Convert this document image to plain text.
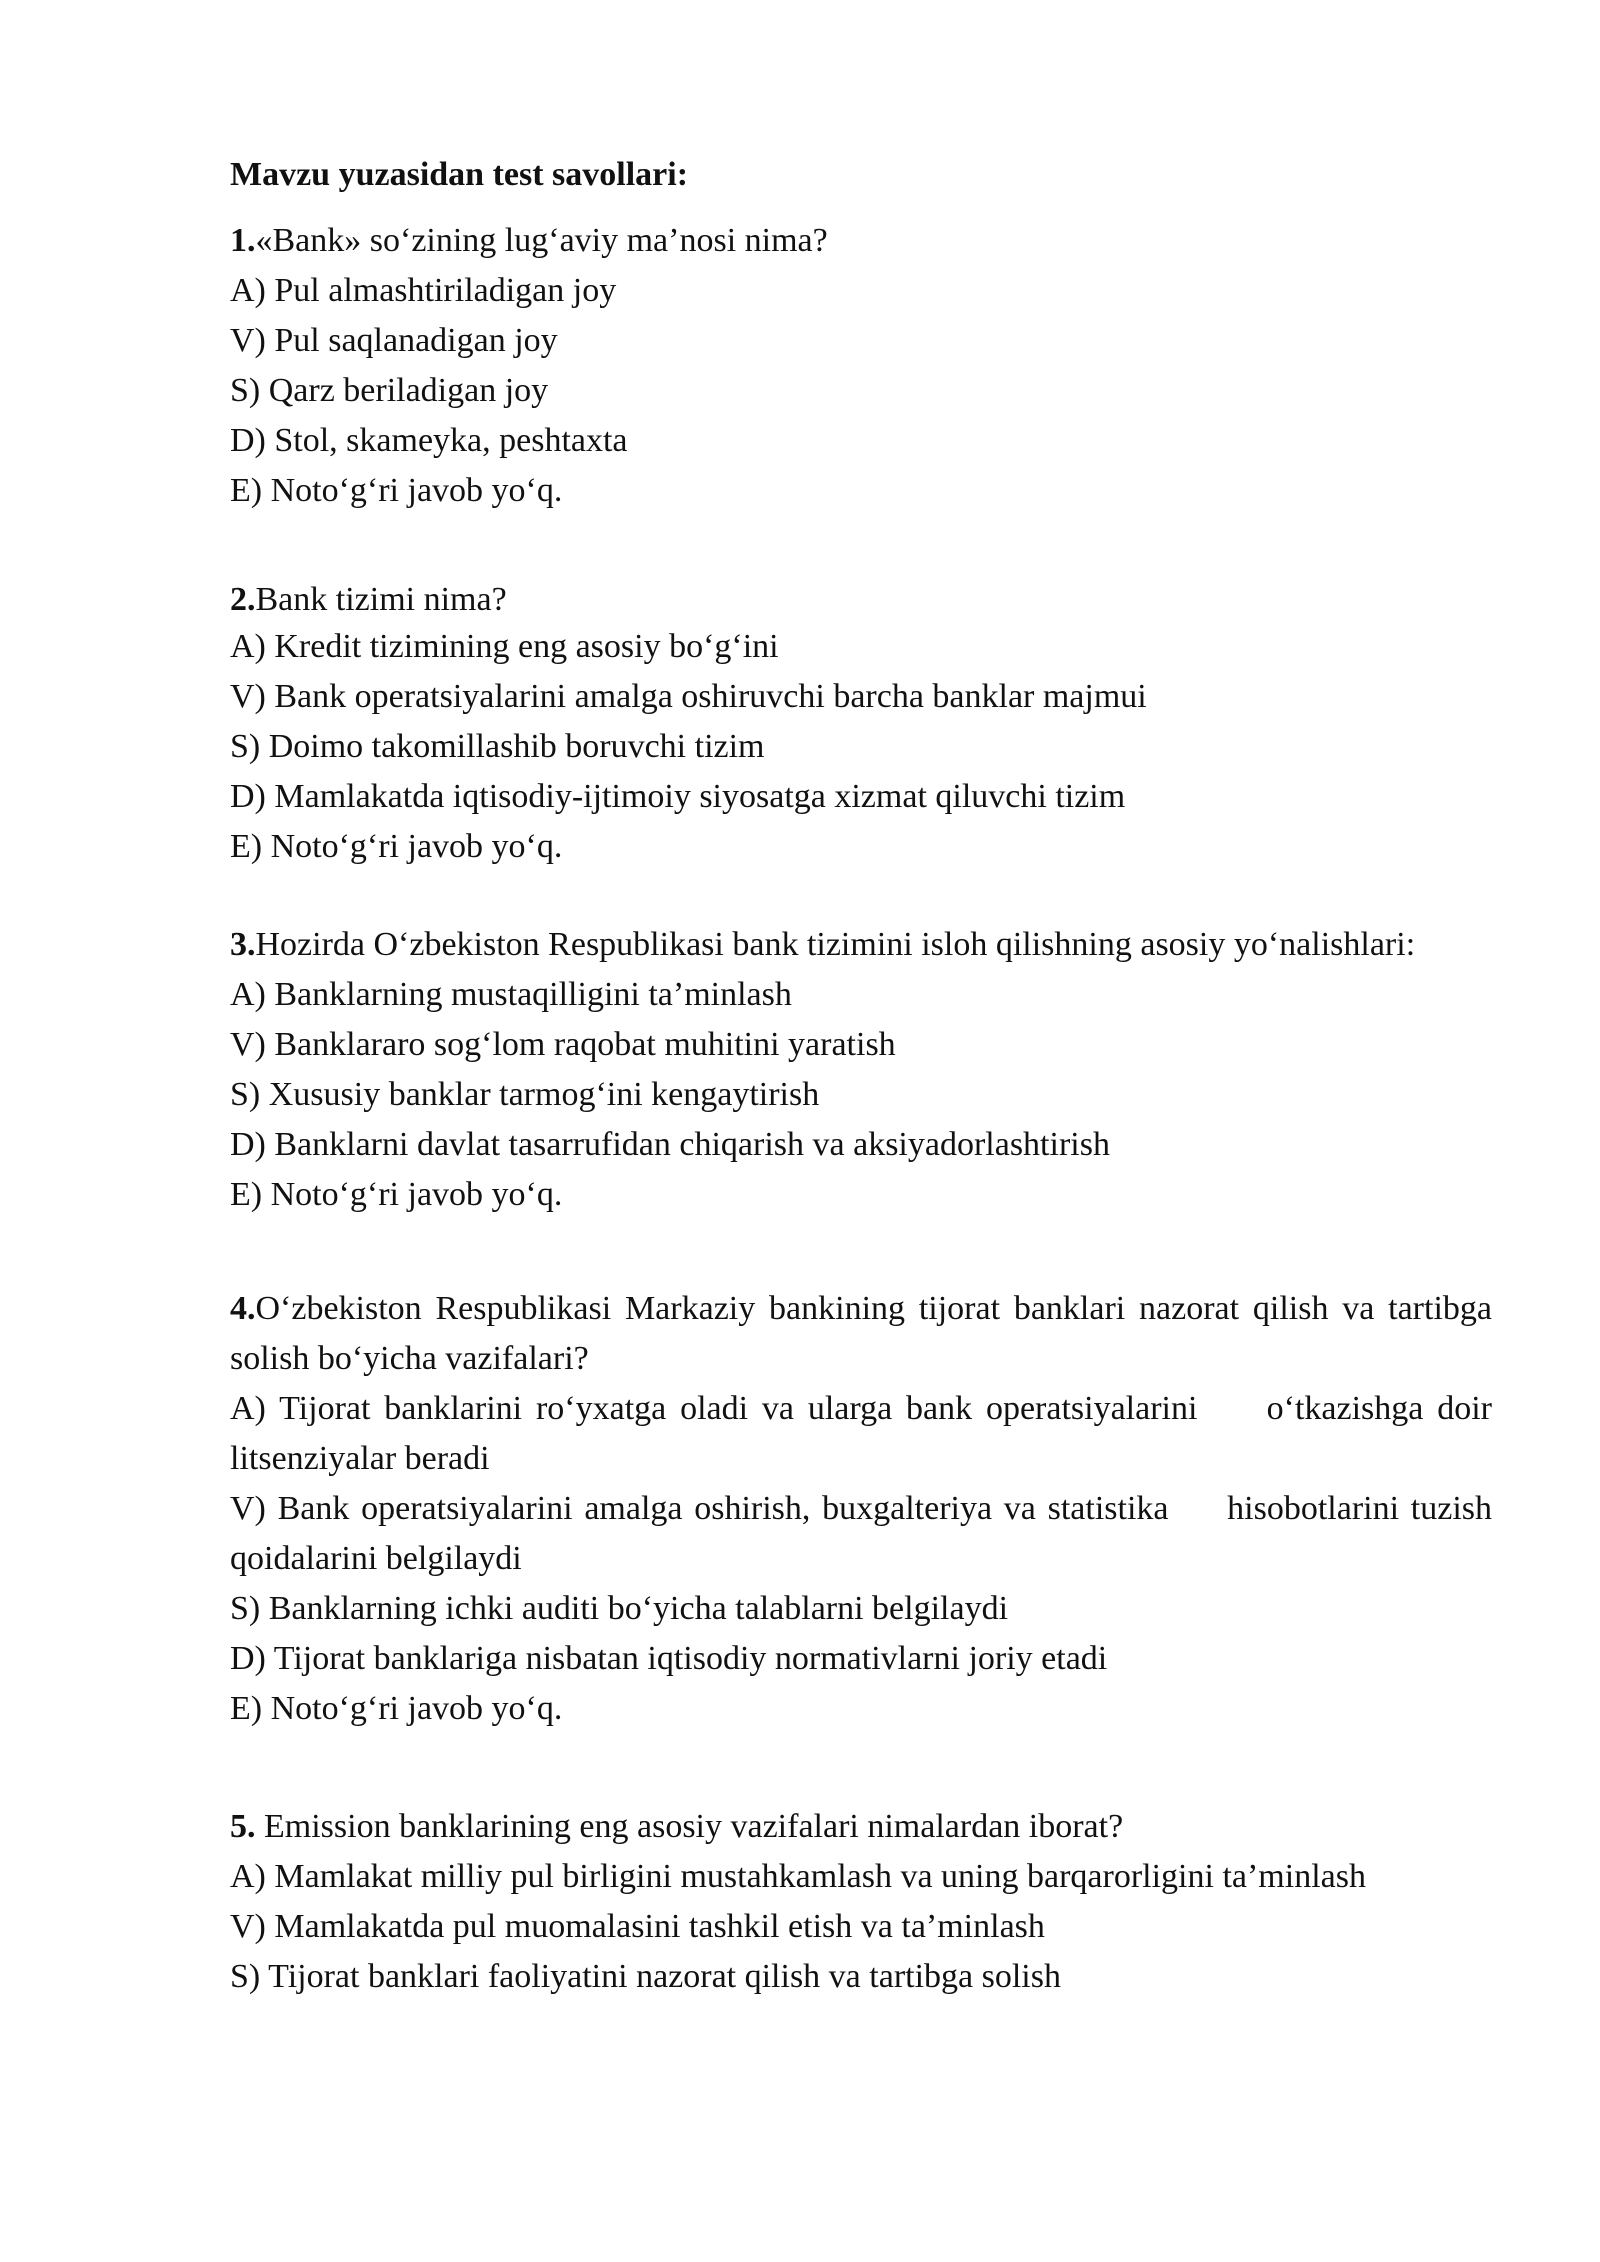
Mavzu yuzasidan test savollari:
1.«Bank» so‘zining lug‘aviy ma’nosi nima?
A) Pul almashtiriladigan joy
V) Pul saqlanadigan joy
S) Qarz beriladigan joy
D) Stol, skameyka, peshtaxta
E) Noto‘g‘ri javob yo‘q.
2.Bank tizimi nima?
A) Kredit tizimining eng asosiy bo‘g‘ini
V) Bank operatsiyalarini amalga oshiruvchi barcha banklar majmui
S) Doimo takomillashib boruvchi tizim
D) Mamlakatda iqtisodiy-ijtimoiy siyosatga xizmat qiluvchi tizim
E) Noto‘g‘ri javob yo‘q.
3.Hozirda O‘zbekiston Respublikasi bank tizimini isloh qilishning asosiy yo‘nalishlari:
A) Banklarning mustaqilligini ta’minlash
V) Banklararo sog‘lom raqobat muhitini yaratish
S) Xususiy banklar tarmog‘ini kengaytirish
D) Banklarni davlat tasarrufidan chiqarish va aksiyadorlashtirish
E) Noto‘g‘ri javob yo‘q.
4.O‘zbekiston Respublikasi Markaziy bankining tijorat banklari nazorat qilish va tartibga solish bo‘yicha vazifalari?
A) Tijorat banklarini ro‘yxatga oladi va ularga bank operatsiyalarini     o‘tkazishga doir litsenziyalar beradi
V) Bank operatsiyalarini amalga oshirish, buxgalteriya va statistika     hisobotlarini tuzish  qoidalarini belgilaydi
S) Banklarning ichki auditi bo‘yicha talablarni belgilaydi
D) Tijorat banklariga nisbatan iqtisodiy normativlarni joriy etadi
E) Noto‘g‘ri javob yo‘q.
5. Emission banklarining eng asosiy vazifalari nimalardan iborat?
A) Mamlakat milliy pul birligini mustahkamlash va uning barqarorligini ta’minlash
V) Mamlakatda pul muomalasini tashkil etish va ta’minlash
S) Tijorat banklari faoliyatini nazorat qilish va tartibga solish
